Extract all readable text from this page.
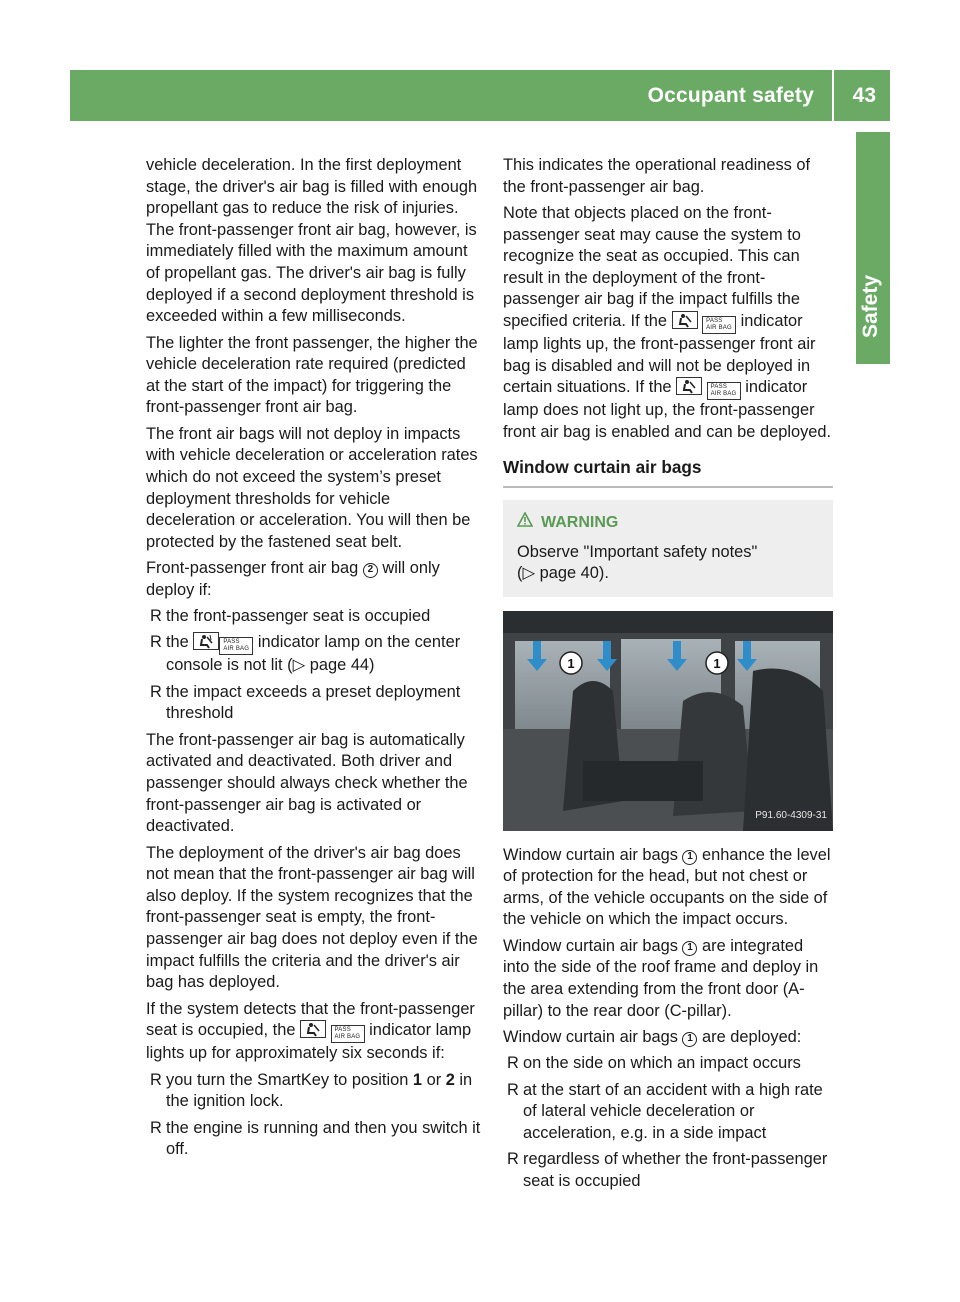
Occupant safety 43
Safety

vehicle deceleration. In the first deployment stage, the driver's air bag is filled with enough propellant gas to reduce the risk of injuries. The front-passenger front air bag, however, is immediately filled with the maximum amount of propellant gas. The driver's air bag is fully deployed if a second deployment threshold is exceeded within a few milliseconds.

The lighter the front passenger, the higher the vehicle deceleration rate required (predicted at the start of the impact) for triggering the front-passenger front air bag.

The front air bags will not deploy in impacts with vehicle deceleration or acceleration rates which do not exceed the system’s preset deployment thresholds for vehicle deceleration or acceleration. You will then be protected by the fastened seat belt.

Front-passenger front air bag 2 will only deploy if:

R the front-passenger seat is occupied
R the	PASS
AIR BAG indicator lamp on the center console is not lit (▷ page 44)
R the impact exceeds a preset deployment threshold

The front-passenger air bag is automatically activated and deactivated. Both driver and passenger should always check whether the front-passenger air bag is activated or deactivated.

The deployment of the driver's air bag does not mean that the front-passenger air bag will also deploy. If the system recognizes that the front-passenger seat is empty, the front-passenger air bag does not deploy even if the impact fulfills the criteria and the driver's air bag has deployed.

If the system detects that the front-passenger seat is occupied, the	PASS
AIR BAG indicator lamp lights up for approximately six seconds if:

R you turn the SmartKey to position 1 or 2 in the ignition lock.
R the engine is running and then you switch it off.

This indicates the operational readiness of the front-passenger air bag.

Note that objects placed on the front-passenger seat may cause the system to recognize the seat as occupied. This can result in the deployment of the front-passenger air bag if the impact fulfills the specified criteria. If the	PASS
AIR BAG indicator lamp lights up, the front-passenger front air bag is disabled and will not be deployed in certain situations. If the	PASS
AIR BAG indicator lamp does not light up, the front-passenger front air bag is enabled and can be deployed.

Window curtain air bags
WARNING
Observe "Important safety notes"
(▷ page 40).
1	1
P91.60-4309-31

Window curtain air bags 1 enhance the level of protection for the head, but not chest or arms, of the vehicle occupants on the side of the vehicle on which the impact occurs.

Window curtain air bags 1 are integrated into the side of the roof frame and deploy in the area extending from the front door (A-pillar) to the rear door (C-pillar).

Window curtain air bags 1 are deployed:

R on the side on which an impact occurs
R at the start of an accident with a high rate of lateral vehicle deceleration or acceleration, e.g. in a side impact
R regardless of whether the front-passenger seat is occupied
